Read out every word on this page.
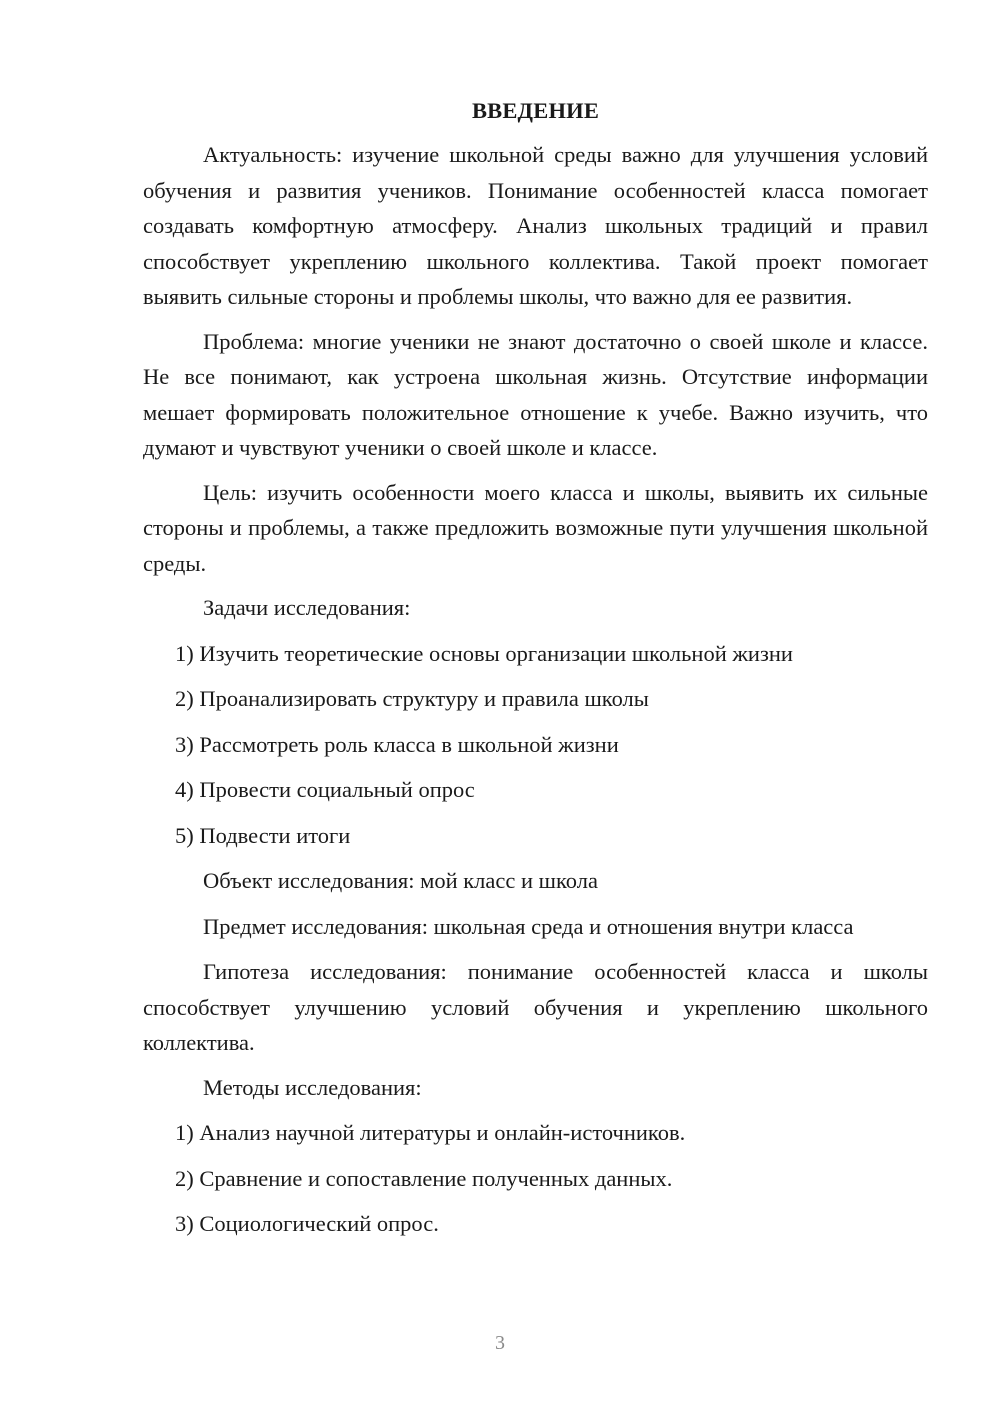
ВВЕДЕНИЕ

Актуальность: изучение школьной среды важно для улучшения условий обучения и развития учеников. Понимание особенностей класса помогает создавать комфортную атмосферу. Анализ школьных традиций и правил способствует укреплению школьного коллектива. Такой проект помогает выявить сильные стороны и проблемы школы, что важно для ее развития.

Проблема: многие ученики не знают достаточно о своей школе и классе. Не все понимают, как устроена школьная жизнь. Отсутствие информации мешает формировать положительное отношение к учебе. Важно изучить, что думают и чувствуют ученики о своей школе и классе.

Цель: изучить особенности моего класса и школы, выявить их сильные стороны и проблемы, а также предложить возможные пути улучшения школьной среды.

Задачи исследования:
1) Изучить теоретические основы организации школьной жизни
2) Проанализировать структуру и правила школы
3) Рассмотреть роль класса в школьной жизни
4) Провести социальный опрос
5) Подвести итоги
Объект исследования: мой класс и школа
Предмет исследования: школьная среда и отношения внутри класса

Гипотеза исследования: понимание особенностей класса и школы способствует улучшению условий обучения и укреплению школьного коллектива.

Методы исследования:
1) Анализ научной литературы и онлайн-источников.
2) Сравнение и сопоставление полученных данных.
3) Социологический опрос.
3
